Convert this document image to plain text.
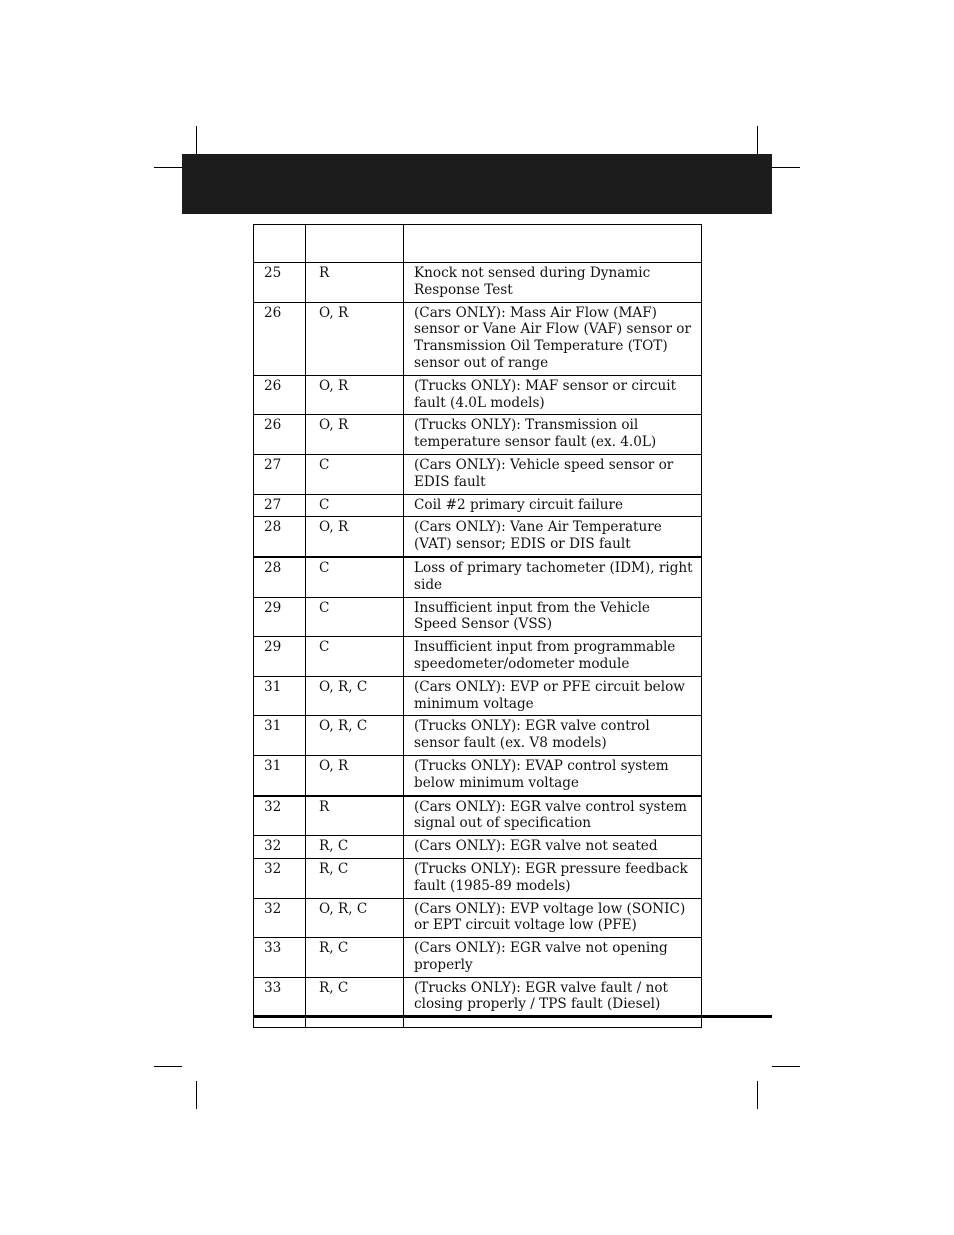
25	R	Knock not sensed during Dynamic Response Test
26	O, R	(Cars ONLY): Mass Air Flow (MAF) sensor or Vane Air Flow (VAF) sensor or Transmission Oil Temperature (TOT) sensor out of range
26	O, R	(Trucks ONLY): MAF sensor or circuit fault (4.0L models)
26	O, R	(Trucks ONLY): Transmission oil temperature sensor fault (ex. 4.0L)
27	C	(Cars ONLY): Vehicle speed sensor or EDIS fault
27	C	Coil #2 primary circuit failure
28	O, R	(Cars ONLY): Vane Air Temperature (VAT) sensor; EDIS or DIS fault
28	C	Loss of primary tachometer (IDM), right side
29	C	Insufficient input from the Vehicle Speed Sensor (VSS)
29	C	Insufficient input from programmable speedometer/odometer module
31	O, R, C	(Cars ONLY): EVP or PFE circuit below minimum voltage
31	O, R, C	(Trucks ONLY): EGR valve control sensor fault (ex. V8 models)
31	O, R	(Trucks ONLY): EVAP control system below minimum voltage
32	R	(Cars ONLY): EGR valve control system signal out of specification
32	R, C	(Cars ONLY): EGR valve not seated
32	R, C	(Trucks ONLY): EGR pressure feedback fault (1985-89 models)
32	O, R, C	(Cars ONLY): EVP voltage low (SONIC) or EPT circuit voltage low (PFE)
33	R, C	(Cars ONLY): EGR valve not opening properly
33	R, C	(Trucks ONLY): EGR valve fault / not closing properly / TPS fault (Diesel)
